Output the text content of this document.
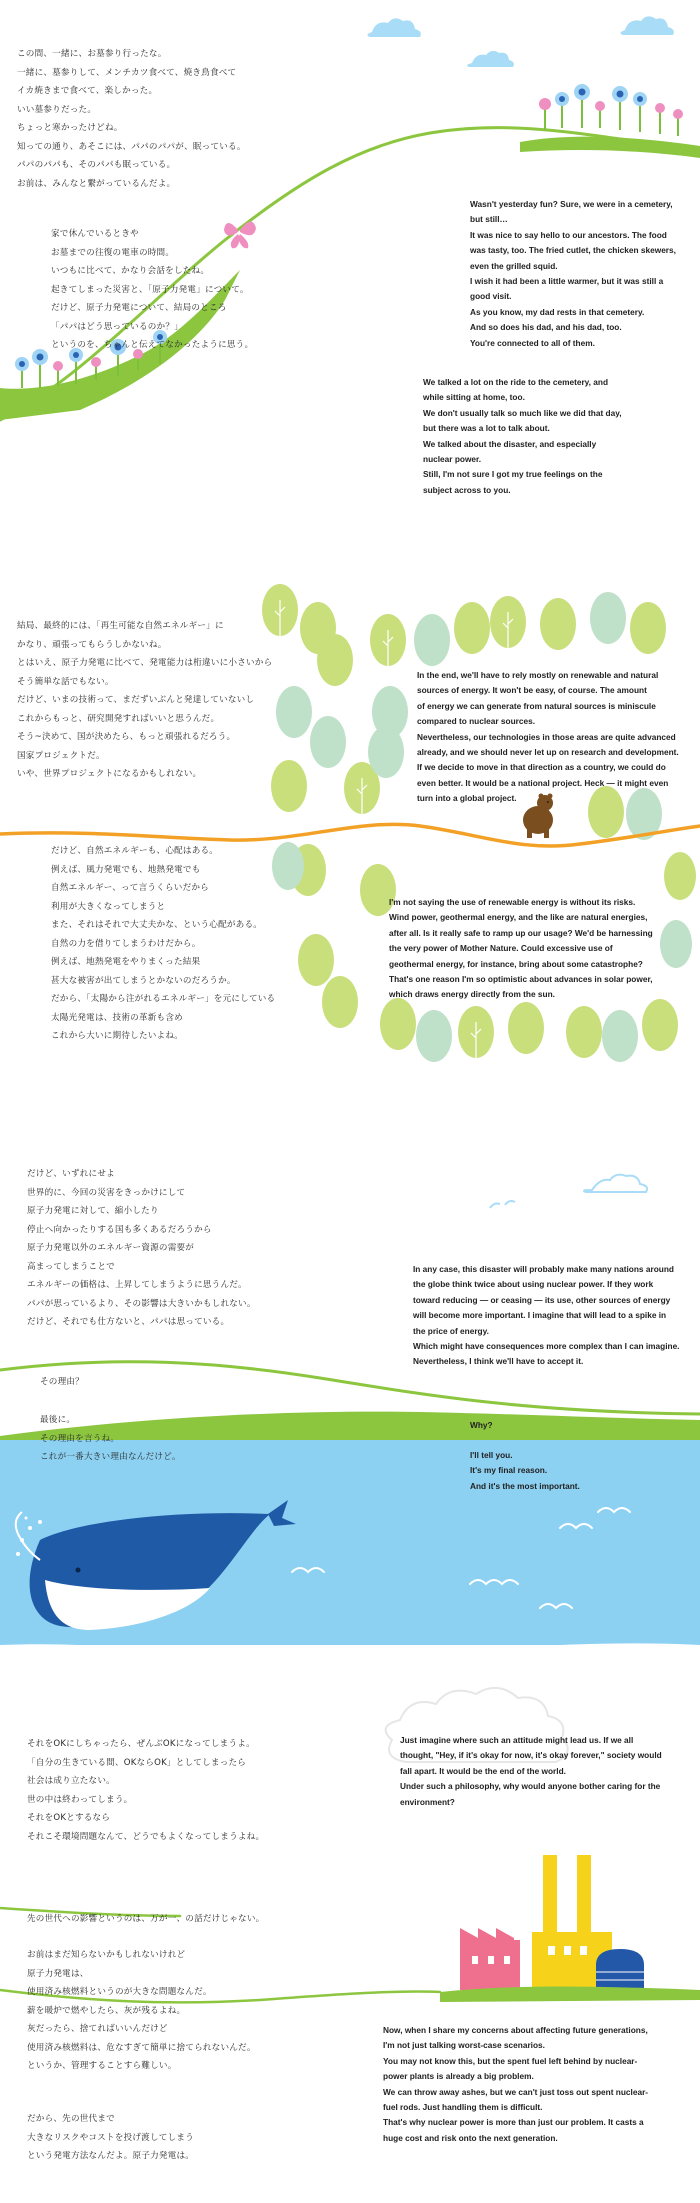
この間、一緒に、お墓参り行ったな。

一緒に、墓参りして、メンチカツ食べて、焼き鳥食べて

イカ焼きまで食べて、楽しかった。

いい墓参りだった。

ちょっと寒かったけどね。

知っての通り、あそこには、パパのパパが、眠っている。

パパのパパも、そのパパも眠っている。

お前は、みんなと繋がっているんだよ。

家で休んでいるときや

お墓までの往復の電車の時間。

いつもに比べて、かなり会話をしたね。

起きてしまった災害と、「原子力発電」について。

だけど、原子力発電について、結局のところ

「パパはどう思っているのか？」

というのを、ちゃんと伝えてなかったように思う。

Wasn't yesterday fun? Sure, we were in a cemetery,

but still…

It was nice to say hello to our ancestors. The food

was tasty, too. The fried cutlet, the chicken skewers,

even the grilled squid.

I wish it had been a little warmer, but it was still a

good visit.

As you know, my dad rests in that cemetery.

And so does his dad, and his dad, too.

You're connected to all of them.

We talked a lot on the ride to the cemetery, and

while sitting at home, too.

We don't usually talk so much like we did that day,

but there was a lot to talk about.

We talked about the disaster, and especially

nuclear power.

Still, I'm not sure I got my true feelings on the

subject across to you.

結局、最終的には、「再生可能な自然エネルギー」に

かなり、頑張ってもらうしかないね。

とはいえ、原子力発電に比べて、発電能力は桁違いに小さいから

そう簡単な話でもない。

だけど、いまの技術って、まだずいぶんと発達していないし

これからもっと、研究開発すればいいと思うんだ。

そう~決めて、国が決めたら、もっと頑張れるだろう。

国家プロジェクトだ。

いや、世界プロジェクトになるかもしれない。

だけど、自然エネルギーも、心配はある。

例えば、風力発電でも、地熱発電でも

自然エネルギー、って言うくらいだから

利用が大きくなってしまうと

また、それはそれで大丈夫かな、という心配がある。

自然の力を借りてしまうわけだから。

例えば、地熱発電をやりまくった結果

甚大な被害が出てしまうとかないのだろうか。

だから、「太陽から注がれるエネルギー」を元にしている

太陽光発電は、技術の革新も含め

これから大いに期待したいよね。

In the end, we'll have to rely mostly on renewable and natural

sources of energy. It won't be easy, of course. The amount

of energy we can generate from natural sources is miniscule

compared to nuclear sources.

Nevertheless, our technologies in those areas are quite advanced

already, and we should never let up on research and development.

If we decide to move in that direction as a country, we could do

even better. It would be a national project. Heck — it might even

turn into a global project.

I'm not saying the use of renewable energy is without its risks.

Wind power, geothermal energy, and the like are natural energies,

after all. Is it really safe to ramp up our usage? We'd be harnessing

the very power of Mother Nature. Could excessive use of

geothermal energy, for instance, bring about some catastrophe?

That's one reason I'm so optimistic about advances in solar power,

which draws energy directly from the sun.

だけど、いずれにせよ

世界的に、今回の災害をきっかけにして

原子力発電に対して、縮小したり

停止へ向かったりする国も多くあるだろうから

原子力発電以外のエネルギー資源の需要が

高まってしまうことで

エネルギーの価格は、上昇してしまうように思うんだ。

パパが思っているより、その影響は大きいかもしれない。

だけど、それでも仕方ないと、パパは思っている。

In any case, this disaster will probably make many nations around

the globe think twice about using nuclear power. If they work

toward reducing — or ceasing — its use, other sources of energy

will become more important. I imagine that will lead to a spike in

the price of energy.

Which might have consequences more complex than I can imagine.

Nevertheless, I think we'll have to accept it.

その理由？

最後に。

その理由を言うね。

これが一番大きい理由なんだけど。

Why?

I'll tell you.

It's my final reason.

And it's the most important.

それをOKにしちゃったら、ぜんぶOKになってしまうよ。

「自分の生きている間、OKならOK」としてしまったら

社会は成り立たない。

世の中は終わってしまう。

それをOKとするなら

それこそ環境問題なんて、どうでもよくなってしまうよね。

Just imagine where such an attitude might lead us. If we all

thought, "Hey, if it's okay for now, it's okay forever," society would

fall apart. It would be the end of the world.

Under such a philosophy, why would anyone bother caring for the

environment?

先の世代への影響というのは、万が一、の話だけじゃない。

お前はまだ知らないかもしれないけれど

原子力発電は、

使用済み核燃料というのが大きな問題なんだ。

薪を暖炉で燃やしたら、灰が残るよね。

灰だったら、捨てればいいんだけど

使用済み核燃料は、危なすぎて簡単に捨てられないんだ。

というか、管理することすら難しい。

だから、先の世代まで

大きなリスクやコストを投げ渡してしまう

という発電方法なんだよ。原子力発電は。

Now, when I share my concerns about affecting future generations,

I'm not just talking worst-case scenarios.

You may not know this, but the spent fuel left behind by nuclear-

power plants is already a big problem.

We can throw away ashes, but we can't just toss out spent nuclear-

fuel rods. Just handling them is difficult.

That's why nuclear power is more than just our problem. It casts a

huge cost and risk onto the next generation.
